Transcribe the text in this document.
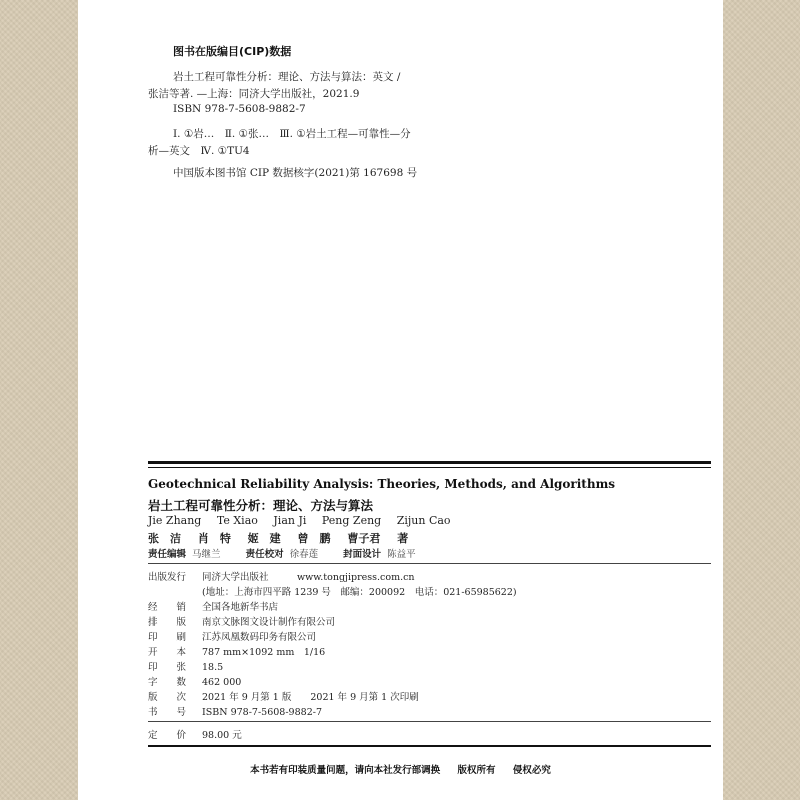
图书在版编目(CIP)数据
岩土工程可靠性分析：理论、方法与算法：英文 /
张洁等著. —上海：同济大学出版社，2021.9
ISBN 978-7-5608-9882-7
Ⅰ. ①岩…　Ⅱ. ①张…　Ⅲ. ①岩土工程—可靠性—分
析—英文　Ⅳ. ①TU4
中国版本图书馆 CIP 数据核字(2021)第 167698 号
Geotechnical Reliability Analysis: Theories, Methods, and Algorithms
岩土工程可靠性分析：理论、方法与算法
Jie Zhang Te Xiao Jian Ji Peng Zeng Zijun Cao
张　洁 肖　特 姬　建 曾　鹏 曹子君 著
责任编辑 马继兰	责任校对 徐春莲	封面设计 陈益平
出版发行 同济大学出版社　　　www.tongjipress.com.cn
(地址：上海市四平路 1239 号　邮编：200092　电话：021-65985622)
经　　销 全国各地新华书店
排　　版 南京文脉图文设计制作有限公司
印　　刷 江苏凤凰数码印务有限公司
开　　本 787 mm×1092 mm　1/16
印　　张 18.5
字　　数 462 000
版　　次 2021 年 9 月第 1 版　　2021 年 9 月第 1 次印刷
书　　号 ISBN 978-7-5608-9882-7
定　　价 98.00 元
本书若有印装质量问题，请向本社发行部调换 版权所有 侵权必究
